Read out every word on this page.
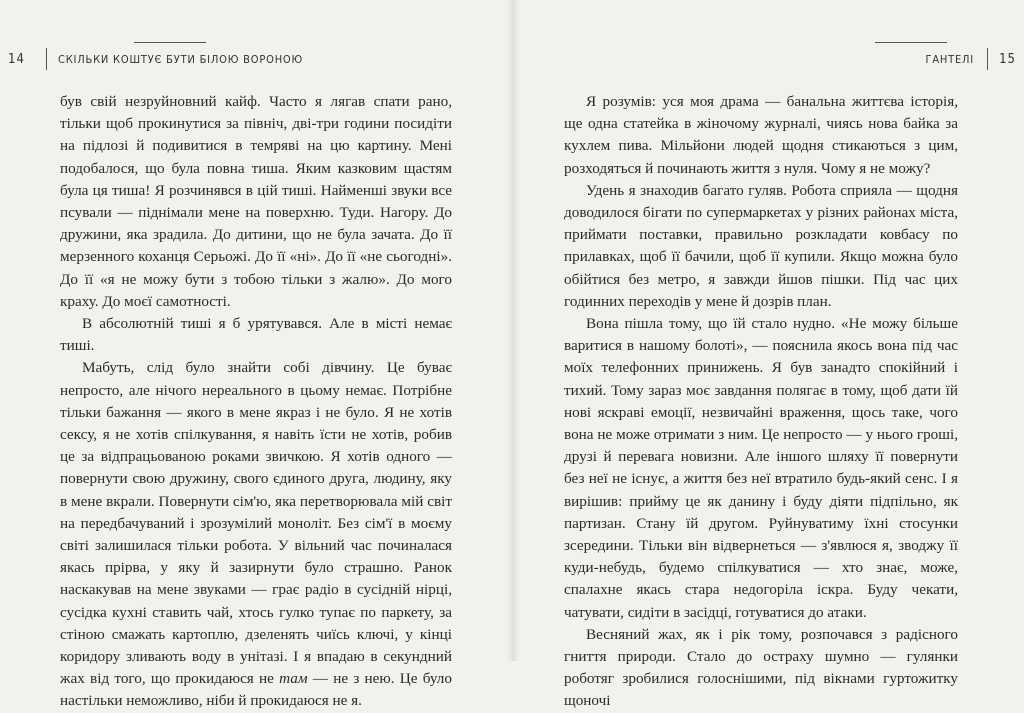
14	СКІЛЬКИ КОШТУЄ БУТИ БІЛОЮ ВОРОНОЮ

був свій незруйновний кайф. Часто я лягав спати рано, тільки щоб прокинутися за північ, дві-три години посидіти на підлозі й подивитися в темряві на цю картину. Мені подобалося, що була повна тиша. Яким казковим щастям була ця тиша! Я розчинявся в цій тиші. Найменші звуки все псували — піднімали мене на поверхню. Туди. Нагору. До дружини, яка зрадила. До дитини, що не була зачата. До її мерзенного коханця Серьожі. До її «ні». До її «не сьогодні». До її «я не можу бути з тобою тільки з жалю». До мого краху. До моєї самотності.

В абсолютній тиші я б урятувався. Але в місті немає тиші.

Мабуть, слід було знайти собі дівчину. Це буває непросто, але нічого нереального в цьому немає. Потрібне тільки бажання — якого в мене якраз і не було. Я не хотів сексу, я не хотів спілкування, я навіть їсти не хотів, робив це за відпрацьованою роками звичкою. Я хотів одного — повернути свою дружину, свого єдиного друга, людину, яку в мене вкрали. Повернути сім'ю, яка перетворювала мій світ на передбачуваний і зрозумілий моноліт. Без сім'ї в моєму світі залишилася тільки робота. У вільний час починалася якась прірва, у яку й зазирнути було страшно. Ранок наскакував на мене звуками — грає радіо в сусідній нірці, сусідка кухні ставить чай, хтось гулко тупає по паркету, за стіною смажать картоплю, дзеленять чиїсь ключі, у кінці коридору зливають воду в унітазі. І я впадаю в секундний жах від того, що прокидаюся не там — не з нею. Це було настільки неможливо, ніби й прокидаюся не я.

ГАНТЕЛІ 15

Я розумів: уся моя драма — банальна життєва історія, ще одна статейка в жіночому журналі, чиясь нова байка за кухлем пива. Мільйони людей щодня стикаються з цим, розходяться й починають життя з нуля. Чому я не можу?

Удень я знаходив багато гуляв. Робота сприяла — щодня доводилося бігати по супермаркетах у різних районах міста, приймати поставки, правильно розкладати ковбасу по прилавках, щоб її бачили, щоб її купили. Якщо можна було обійтися без метро, я завжди йшов пішки. Під час цих годинних переходів у мене й дозрів план.

Вона пішла тому, що їй стало нудно. «Не можу більше варитися в нашому болоті», — пояснила якось вона під час моїх телефонних принижень. Я був занадто спокійний і тихий. Тому зараз моє завдання полягає в тому, щоб дати їй нові яскраві емоції, незвичайні враження, щось таке, чого вона не може отримати з ним. Це непросто — у нього гроші, друзі й перевага новизни. Але іншого шляху її повернути без неї не існує, а життя без неї втратило будь-який сенс. І я вирішив: прийму це як данину і буду діяти підпільно, як партизан. Стану їй другом. Руйнуватиму їхні стосунки зсередини. Тільки він відвернеться — з'явлюся я, зводжу її куди-небудь, будемо спілкуватися — хто знає, може, спалахне якась стара недогоріла іскра. Буду чекати, чатувати, сидіти в засідці, готуватися до атаки.

Весняний жах, як і рік тому, розпочався з радісного гниття природи. Стало до остраху шумно — гулянки роботяг зробилися голоснішими, під вікнами гуртожитку щоночі
